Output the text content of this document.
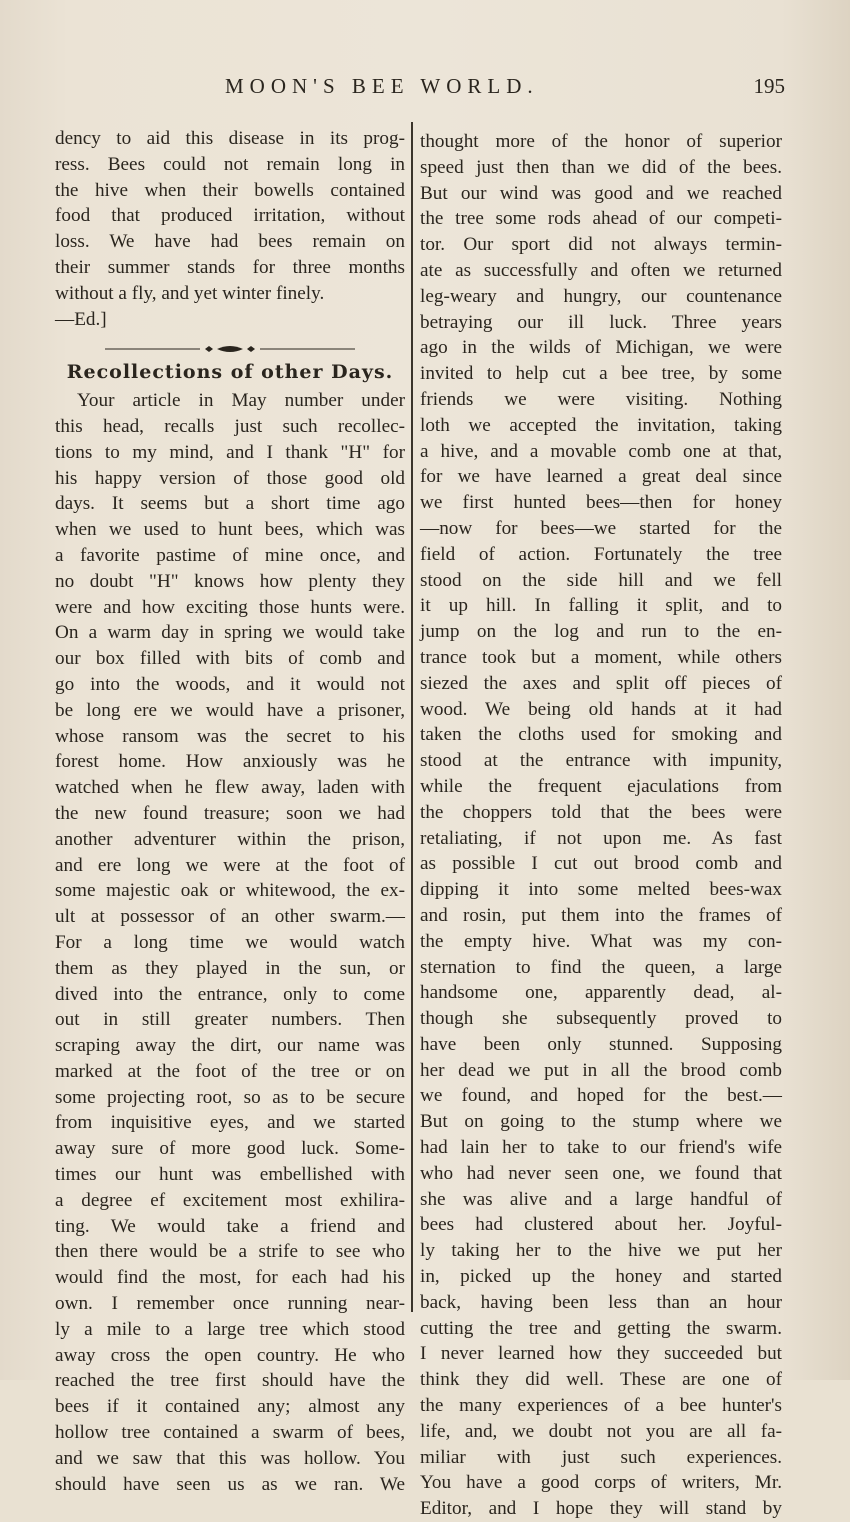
MOON'S BEE WORLD.	195
dency to aid this disease in its prog-
ress. Bees could not remain long in
the hive when their bowells contained
food that produced irritation, without
loss. We have had bees remain on
their summer stands for three months
without a fly, and yet winter finely.
—Ed.]
Recollections of other Days.
Your article in May number under
this head, recalls just such recollec-
tions to my mind, and I thank "H" for
his happy version of those good old
days. It seems but a short time ago
when we used to hunt bees, which was
a favorite pastime of mine once, and
no doubt "H" knows how plenty they
were and how exciting those hunts were.
On a warm day in spring we would take
our box filled with bits of comb and
go into the woods, and it would not
be long ere we would have a prisoner,
whose ransom was the secret to his
forest home. How anxiously was he
watched when he flew away, laden with
the new found treasure; soon we had
another adventurer within the prison,
and ere long we were at the foot of
some majestic oak or whitewood, the ex-
ult at possessor of an other swarm.—
For a long time we would watch
them as they played in the sun, or
dived into the entrance, only to come
out in still greater numbers. Then
scraping away the dirt, our name was
marked at the foot of the tree or on
some projecting root, so as to be secure
from inquisitive eyes, and we started
away sure of more good luck. Some-
times our hunt was embellished with
a degree ef excitement most exhilira-
ting. We would take a friend and
then there would be a strife to see who
would find the most, for each had his
own. I remember once running near-
ly a mile to a large tree which stood
away cross the open country. He who
reached the tree first should have the
bees if it contained any; almost any
hollow tree contained a swarm of bees,
and we saw that this was hollow. You
should have seen us as we ran. We
thought more of the honor of superior
speed just then than we did of the bees.
But our wind was good and we reached
the tree some rods ahead of our competi-
tor. Our sport did not always termin-
ate as successfully and often we returned
leg-weary and hungry, our countenance
betraying our ill luck. Three years
ago in the wilds of Michigan, we were
invited to help cut a bee tree, by some
friends we were visiting. Nothing
loth we accepted the invitation, taking
a hive, and a movable comb one at that,
for we have learned a great deal since
we first hunted bees—then for honey
—now for bees—we started for the
field of action. Fortunately the tree
stood on the side hill and we fell
it up hill. In falling it split, and to
jump on the log and run to the en-
trance took but a moment, while others
siezed the axes and split off pieces of
wood. We being old hands at it had
taken the cloths used for smoking and
stood at the entrance with impunity,
while the frequent ejaculations from
the choppers told that the bees were
retaliating, if not upon me. As fast
as possible I cut out brood comb and
dipping it into some melted bees-wax
and rosin, put them into the frames of
the empty hive. What was my con-
sternation to find the queen, a large
handsome one, apparently dead, al-
though she subsequently proved to
have been only stunned. Supposing
her dead we put in all the brood comb
we found, and hoped for the best.—
But on going to the stump where we
had lain her to take to our friend's wife
who had never seen one, we found that
she was alive and a large handful of
bees had clustered about her. Joyful-
ly taking her to the hive we put her
in, picked up the honey and started
back, having been less than an hour
cutting the tree and getting the swarm.
I never learned how they succeeded but
think they did well. These are one of
the many experiences of a bee hunter's
life, and, we doubt not you are all fa-
miliar with just such experiences.
You have a good corps of writers, Mr.
Editor, and I hope they will stand by
